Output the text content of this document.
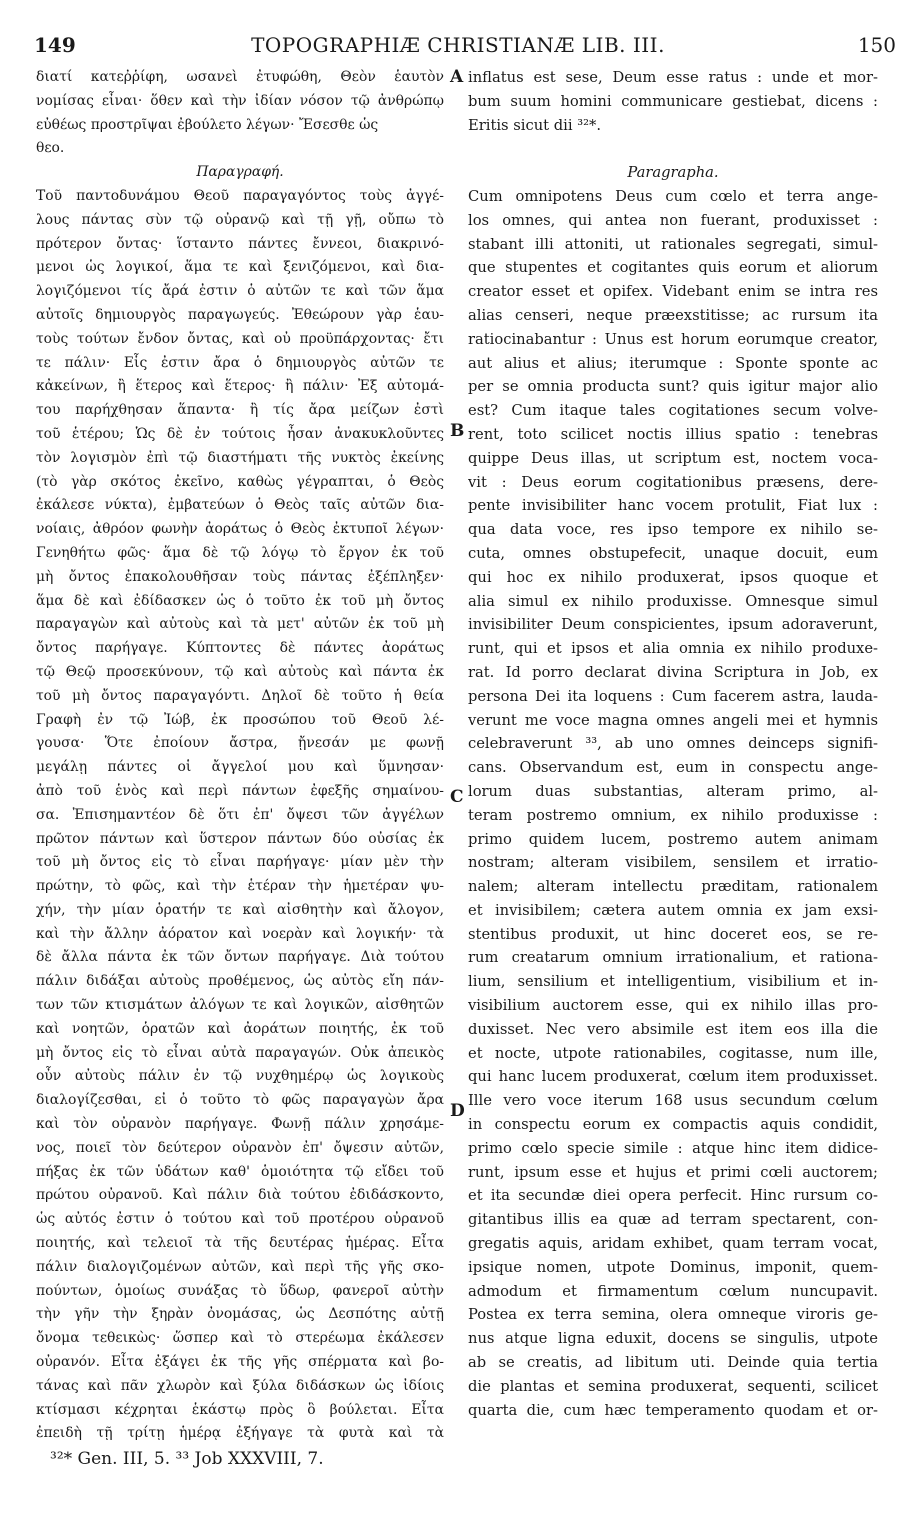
149	TOPOGRAPHIÆ CHRISTIANÆ LIB. III.	150
διατί κατεῤῥίφη, ωσανεὶ ἐτυφώθη, Θεὸν ἑαυτὸν
νομίσας εἶναι· ὅθεν καὶ τὴν ἰδίαν νόσον τῷ ἀνθρώπῳ
εὐθέως προστρῖψαι ἐβούλετο λέγων· Ἔσεσθε ὡς
θεο.
Παραγραφή.
Τοῦ παντοδυνάμου Θεοῦ παραγαγόντος τοὺς ἀγγέ-
λους πάντας σὺν τῷ οὐρανῷ καὶ τῇ γῇ, οὔπω τὸ
πρότερον ὄντας· ἵσταντο πάντες ἔννεοι, διακρινό-
μενοι ὡς λογικοί, ἅμα τε καὶ ξενιζόμενοι, καὶ δια-
λογιζόμενοι τίς ἄρά ἐστιν ὁ αὐτῶν τε καὶ τῶν ἅμα
αὐτοῖς δημιουργὸς παραγωγεύς. Ἐθεώρουν γὰρ ἑαυ-
τοὺς τούτων ἔνδον ὄντας, καὶ οὐ προϋπάρχοντας· ἔτι
τε πάλιν· Εἷς ἐστιν ἄρα ὁ δημιουργὸς αὐτῶν τε
κἀκείνων, ἢ ἕτερος καὶ ἕτερος· ἢ πάλιν· Ἐξ αὐτομά-
του παρήχθησαν ἅπαντα· ἢ τίς ἄρα μείζων ἐστὶ
τοῦ ἑτέρου; Ὡς δὲ ἐν τούτοις ἦσαν ἀνακυκλοῦντες
τὸν λογισμὸν ἐπὶ τῷ διαστήματι τῆς νυκτὸς ἐκείνης
(τὸ γὰρ σκότος ἐκεῖνο, καθὼς γέγραπται, ὁ Θεὸς
ἐκάλεσε νύκτα), ἐμβατεύων ὁ Θεὸς ταῖς αὐτῶν δια-
νοίαις, ἀθρόον φωνὴν ἀοράτως ὁ Θεὸς ἐκτυποῖ λέγων·
Γενηθήτω φῶς· ἅμα δὲ τῷ λόγῳ τὸ ἔργον ἐκ τοῦ
μὴ ὄντος ἐπακολουθῆσαν τοὺς πάντας ἐξέπληξεν·
ἅμα δὲ καὶ ἐδίδασκεν ὡς ὁ τοῦτο ἐκ τοῦ μὴ ὄντος
παραγαγὼν καὶ αὐτοὺς καὶ τὰ μετ' αὐτῶν ἐκ τοῦ μὴ
ὄντος παρήγαγε. Κύπτοντες δὲ πάντες ἀοράτως
τῷ Θεῷ προσεκύνουν, τῷ καὶ αὐτοὺς καὶ πάντα ἐκ
τοῦ μὴ ὄντος παραγαγόντι. Δηλοῖ δὲ τοῦτο ἡ θεία
Γραφὴ ἐν τῷ Ἰώβ, ἐκ προσώπου τοῦ Θεοῦ λέ-
γουσα· Ὅτε ἐποίουν ἄστρα, ᾔνεσάν με φωνῇ
μεγάλῃ πάντες οἱ ἄγγελοί μου καὶ ὕμνησαν·
ἀπὸ τοῦ ἑνὸς καὶ περὶ πάντων ἐφεξῆς σημαίνου-
σα. Ἐπισημαντέον δὲ ὅτι ἐπ' ὄψεσι τῶν ἀγγέλων
πρῶτον πάντων καὶ ὕστερον πάντων δύο οὐσίας ἐκ
τοῦ μὴ ὄντος εἰς τὸ εἶναι παρήγαγε· μίαν μὲν τὴν
πρώτην, τὸ φῶς, καὶ τὴν ἑτέραν τὴν ἡμετέραν ψυ-
χήν, τὴν μίαν ὁρατήν τε καὶ αἰσθητὴν καὶ ἄλογον,
καὶ τὴν ἄλλην ἀόρατον καὶ νοερὰν καὶ λογικήν· τὰ
δὲ ἄλλα πάντα ἐκ τῶν ὄντων παρήγαγε. Διὰ τούτου
πάλιν διδάξαι αὐτοὺς προθέμενος, ὡς αὐτὸς εἴη πάν-
των τῶν κτισμάτων ἀλόγων τε καὶ λογικῶν, αἰσθητῶν
καὶ νοητῶν, ὁρατῶν καὶ ἀοράτων ποιητής, ἐκ τοῦ
μὴ ὄντος εἰς τὸ εἶναι αὐτὰ παραγαγών. Οὐκ ἀπεικὸς
οὖν αὐτοὺς πάλιν ἐν τῷ νυχθημέρῳ ὡς λογικοὺς
διαλογίζεσθαι, εἰ ὁ τοῦτο τὸ φῶς παραγαγὼν ἄρα
καὶ τὸν οὐρανὸν παρήγαγε. Φωνῇ πάλιν χρησάμε-
νος, ποιεῖ τὸν δεύτερον οὐρανὸν ἐπ' ὄψεσιν αὐτῶν,
πήξας ἐκ τῶν ὑδάτων καθ' ὁμοιότητα τῷ εἴδει τοῦ
πρώτου οὐρανοῦ. Καὶ πάλιν διὰ τούτου ἐδιδάσκοντο,
ὡς αὐτός ἐστιν ὁ τούτου καὶ τοῦ προτέρου οὐρανοῦ
ποιητής, καὶ τελειοῖ τὰ τῆς δευτέρας ἡμέρας. Εἶτα
πάλιν διαλογιζομένων αὐτῶν, καὶ περὶ τῆς γῆς σκο-
πούντων, ὁμοίως συνάξας τὸ ὕδωρ, φανεροῖ αὐτὴν
τὴν γῆν τὴν ξηρὰν ὀνομάσας, ὡς Δεσπότης αὐτῇ
ὄνομα τεθεικὼς· ὥσπερ καὶ τὸ στερέωμα ἐκάλεσεν
οὐρανόν. Εἶτα ἐξάγει ἐκ τῆς γῆς σπέρματα καὶ βο-
τάνας καὶ πᾶν χλωρὸν καὶ ξύλα διδάσκων ὡς ἰδίοις
κτίσμασι κέχρηται ἑκάστῳ πρὸς ὃ βούλεται. Εἶτα
ἐπειδὴ τῇ τρίτῃ ἡμέρᾳ ἐξήγαγε τὰ φυτὰ καὶ τὰ
inflatus est sese, Deum esse ratus : unde et mor-
bum suum homini communicare gestiebat, dicens :
Eritis sicut dii ³²*.
Paragrapha.
Cum omnipotens Deus cum cœlo et terra ange-
los omnes, qui antea non fuerant, produxisset :
stabant illi attoniti, ut rationales segregati, simul-
que stupentes et cogitantes quis eorum et aliorum
creator esset et opifex. Videbant enim se intra res
alias censeri, neque præexstitisse; ac rursum ita
ratiocinabantur : Unus est horum eorumque creator,
aut alius et alius; iterumque : Sponte sponte ac
per se omnia producta sunt? quis igitur major alio
est? Cum itaque tales cogitationes secum volve-
rent, toto scilicet noctis illius spatio : tenebras
quippe Deus illas, ut scriptum est, noctem voca-
vit : Deus eorum cogitationibus præsens, dere-
pente invisibiliter hanc vocem protulit, Fiat lux :
qua data voce, res ipso tempore ex nihilo se-
cuta, omnes obstupefecit, unaque docuit, eum
qui hoc ex nihilo produxerat, ipsos quoque et
alia simul ex nihilo produxisse. Omnesque simul
invisibiliter Deum conspicientes, ipsum adoraverunt,
runt, qui et ipsos et alia omnia ex nihilo produxe-
rat. Id porro declarat divina Scriptura in Job, ex
persona Dei ita loquens : Cum facerem astra, lauda-
verunt me voce magna omnes angeli mei et hymnis
celebraverunt ³³, ab uno omnes deinceps signifi-
cans. Observandum est, eum in conspectu ange-
lorum duas substantias, alteram primo, al-
teram postremo omnium, ex nihilo produxisse :
primo quidem lucem, postremo autem animam
nostram; alteram visibilem, sensilem et irratio-
nalem; alteram intellectu præditam, rationalem
et invisibilem; cætera autem omnia ex jam exsi-
stentibus produxit, ut hinc doceret eos, se re-
rum creatarum omnium irrationalium, et rationa-
lium, sensilium et intelligentium, visibilium et in-
visibilium auctorem esse, qui ex nihilo illas pro-
duxisset. Nec vero absimile est item eos illa die
et nocte, utpote rationabiles, cogitasse, num ille,
qui hanc lucem produxerat, cœlum item produxisset.
Ille vero voce iterum 168 usus secundum cœlum
in conspectu eorum ex compactis aquis condidit,
primo cœlo specie simile : atque hinc item didice-
runt, ipsum esse et hujus et primi cœli auctorem;
et ita secundæ diei opera perfecit. Hinc rursum co-
gitantibus illis ea quæ ad terram spectarent, con-
gregatis aquis, aridam exhibet, quam terram vocat,
ipsique nomen, utpote Dominus, imponit, quem-
admodum et firmamentum cœlum nuncupavit.
Postea ex terra semina, olera omneque viroris ge-
nus atque ligna eduxit, docens se singulis, utpote
ab se creatis, ad libitum uti. Deinde quia tertia
die plantas et semina produxerat, sequenti, scilicet
quarta die, cum hæc temperamento quodam et or-
A
B
C
D
³²* Gen. III, 5. ³³ Job XXXVIII, 7.
